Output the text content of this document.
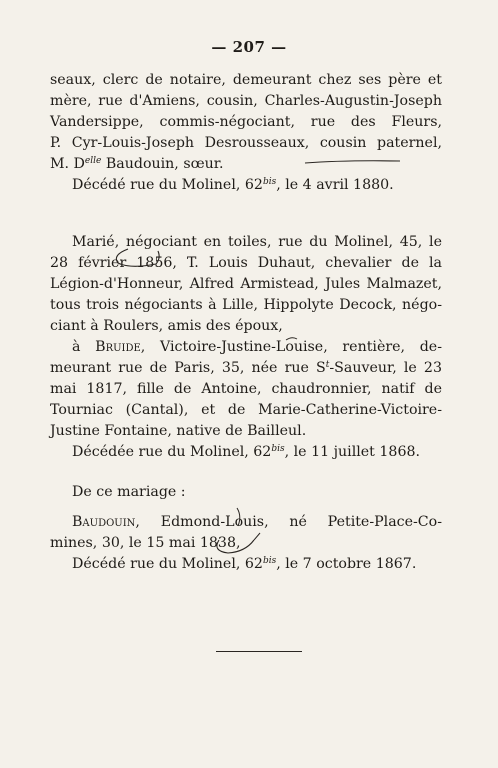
— 207 —
seaux, clerc de notaire, demeurant chez ses père et
mère, rue d'Amiens, cousin, Charles-Augustin-Joseph
Vandersippe, commis-négociant, rue des Fleurs,
P. Cyr-Louis-Joseph Desrousseaux, cousin paternel,
M. $D^{elle}$ Baudouin, sœur.
Décédé rue du Molinel, $62^{bis}$, le 4 avril 1880.
Marié, négociant en toiles, rue du Molinel, 45, le
28 février 1856, T. Louis Duhaut, chevalier de la
Légion-d'Honneur, Alfred Armistead, Jules Malmazet,
tous trois négociants à Lille, Hippolyte Decock, négo-
ciant à Roulers, amis des époux,
à Bruide, Victoire-Justine-Louise, rentière, de-
meurant rue de Paris, 35, née rue $S^t$-Sauveur, le 23
mai 1817, fille de Antoine, chaudronnier, natif de
Tourniac (Cantal), et de Marie-Catherine-Victoire-
Justine Fontaine, native de Bailleul.
Décédée rue du Molinel, $62^{bis}$, le 11 juillet 1868.
De ce mariage :
Baudouin, Edmond-Louis, né Petite-Place-Co-
mines, 30, le 15 mai 1838,
Décédé rue du Molinel, $62^{bis}$, le 7 octobre 1867.
